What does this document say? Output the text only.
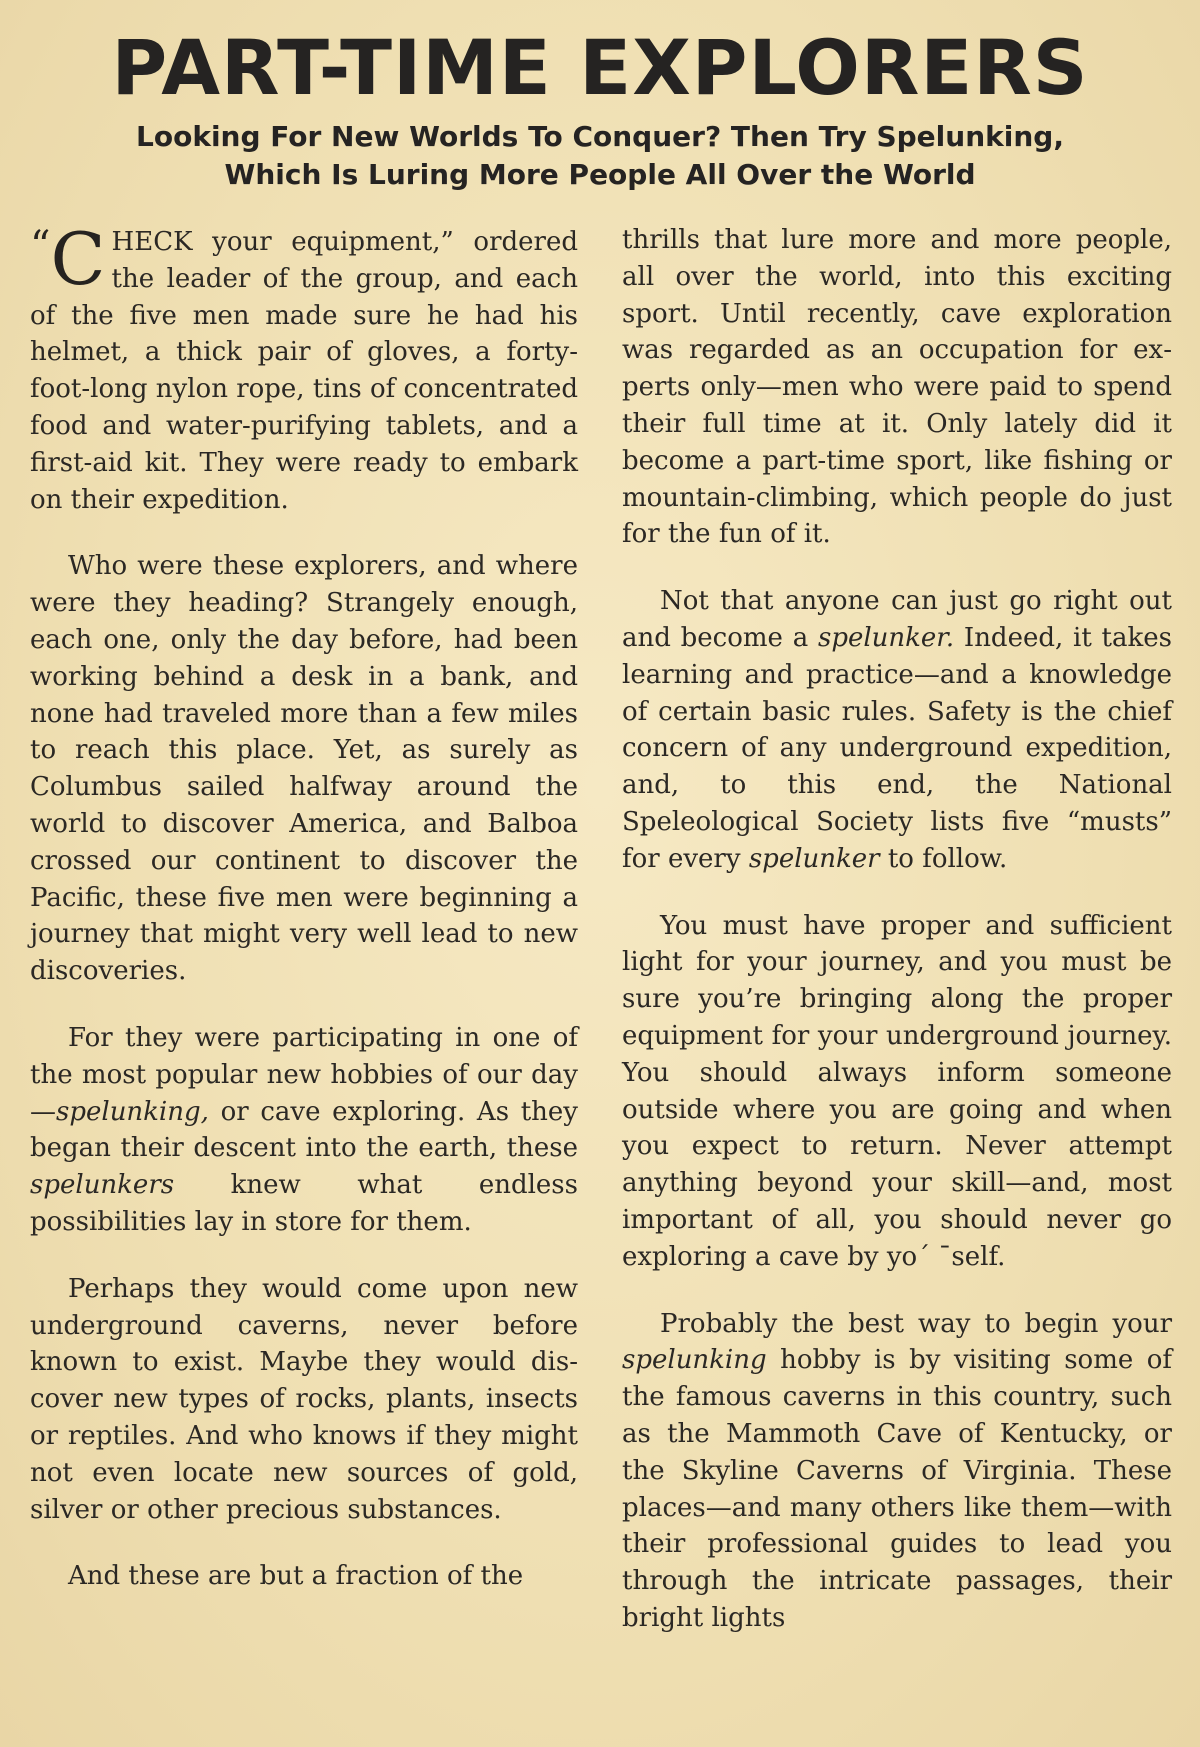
PART-TIME EXPLORERS
Looking For New Worlds To Conquer? Then Try Spelunking,
Which Is Luring More People All Over the World

“C HECK your equipment,” ordered the leader of the group, and each of the five men made sure he had his helmet, a thick pair of gloves, a forty-foot-long nylon rope, tins of concentrated food and water-purifying tablets, and a first-aid kit. They were ready to embark on their expedition.

Who were these explorers, and where were they heading? Strangely enough, each one, only the day before, had been working behind a desk in a bank, and none had traveled more than a few miles to reach this place. Yet, as surely as Columbus sailed halfway around the world to discover America, and Balboa crossed our continent to discover the Pacific, these five men were beginning a journey that might very well lead to new discoveries.

For they were participating in one of the most popular new hobbies of our day—spelunking, or cave exploring. As they began their descent into the earth, these spelunkers knew what endless possibilities lay in store for them.

Perhaps they would come upon new underground caverns, never before known to exist. Maybe they would discover new types of rocks, plants, insects or reptiles. And who knows if they might not even locate new sources of gold, silver or other precious substances.

And these are but a fraction of the

thrills that lure more and more people, all over the world, into this exciting sport. Until recently, cave exploration was regarded as an occupation for experts only—men who were paid to spend their full time at it. Only lately did it become a part-time sport, like fishing or mountain-climbing, which people do just for the fun of it.

Not that anyone can just go right out and become a spelunker. Indeed, it takes learning and practice—and a knowledge of certain basic rules. Safety is the chief concern of any underground expedition, and, to this end, the National Speleological Society lists five “musts” for every spelunker to follow.

You must have proper and sufficient light for your journey, and you must be sure you’re bringing along the proper equipment for your underground journey. You should always inform someone outside where you are going and when you expect to return. Never attempt anything beyond your skill—and, most important of all, you should never go exploring a cave by yo´ ˉself.

Probably the best way to begin your spelunking hobby is by visiting some of the famous caverns in this country, such as the Mammoth Cave of Kentucky, or the Skyline Caverns of Virginia. These places—and many others like them—with their professional guides to lead you through the intricate passages, their bright lights
